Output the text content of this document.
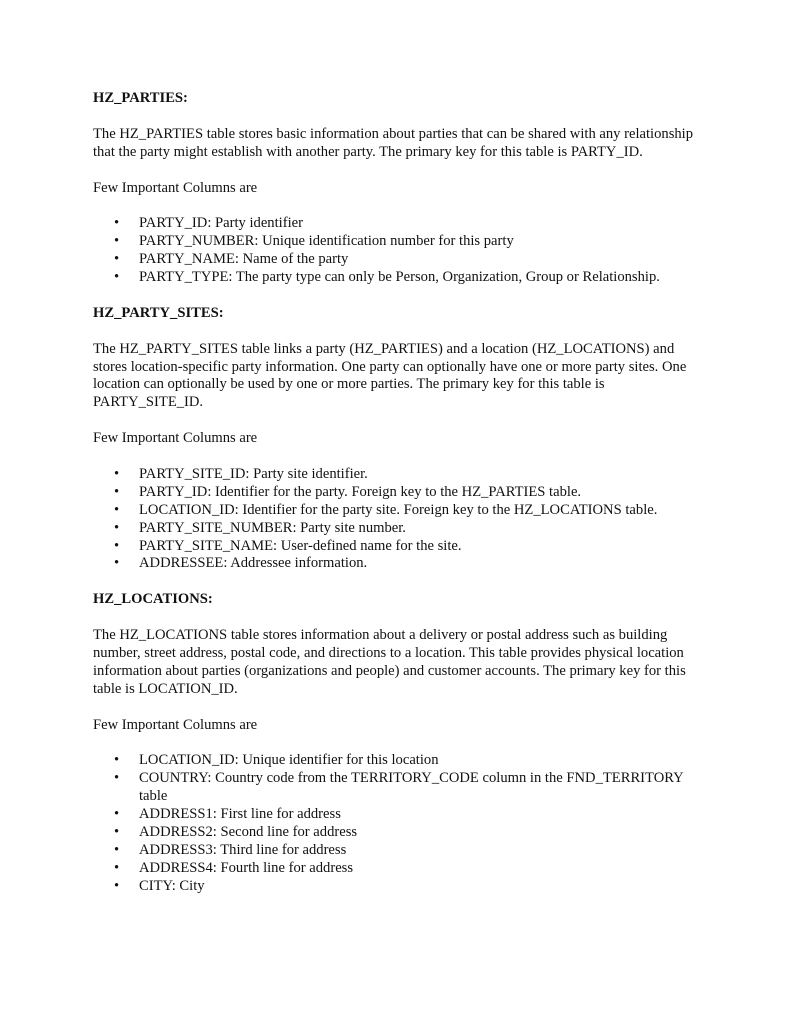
HZ_PARTIES:

The HZ_PARTIES table stores basic information about parties that can be shared with any relationship that the party might establish with another party. The primary key for this table is PARTY_ID.

Few Important Columns are

• PARTY_ID: Party identifier
• PARTY_NUMBER: Unique identification number for this party
• PARTY_NAME: Name of the party
• PARTY_TYPE: The party type can only be Person, Organization, Group or Relationship.

HZ_PARTY_SITES:

The HZ_PARTY_SITES table links a party (HZ_PARTIES) and a location (HZ_LOCATIONS) and stores location-specific party information. One party can optionally have one or more party sites. One location can optionally be used by one or more parties. The primary key for this table is PARTY_SITE_ID.

Few Important Columns are

• PARTY_SITE_ID: Party site identifier.
• PARTY_ID: Identifier for the party. Foreign key to the HZ_PARTIES table.
• LOCATION_ID: Identifier for the party site. Foreign key to the HZ_LOCATIONS table.
• PARTY_SITE_NUMBER: Party site number.
• PARTY_SITE_NAME: User-defined name for the site.
• ADDRESSEE: Addressee information.

HZ_LOCATIONS:

The HZ_LOCATIONS table stores information about a delivery or postal address such as building number, street address, postal code, and directions to a location. This table provides physical location information about parties (organizations and people) and customer accounts. The primary key for this table is LOCATION_ID.

Few Important Columns are

• LOCATION_ID: Unique identifier for this location
• COUNTRY: Country code from the TERRITORY_CODE column in the FND_TERRITORY table
• ADDRESS1: First line for address
• ADDRESS2: Second line for address
• ADDRESS3: Third line for address
• ADDRESS4: Fourth line for address
• CITY: City
